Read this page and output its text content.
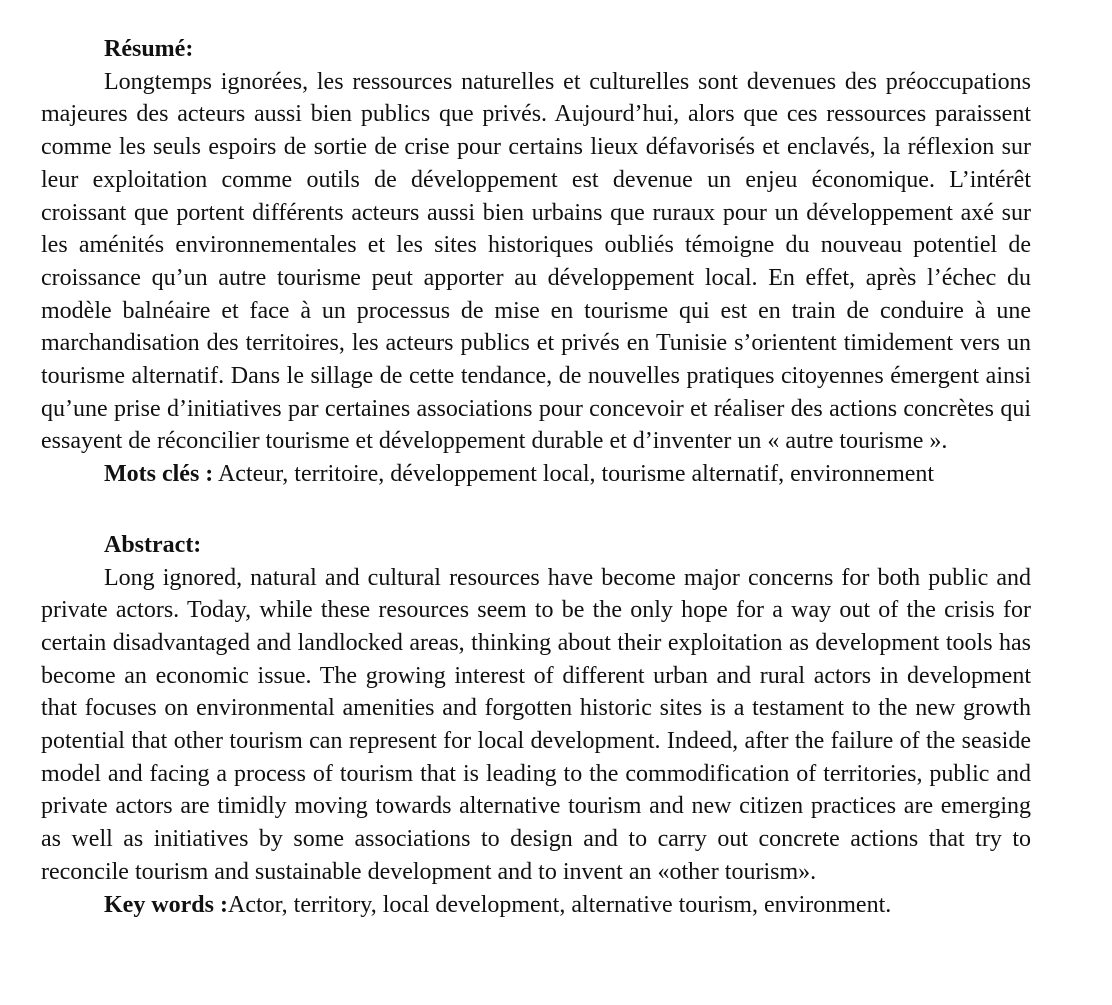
Résumé:

Longtemps ignorées, les ressources naturelles et culturelles sont devenues des préoccupations majeures des acteurs aussi bien publics que privés. Aujourd’hui, alors que ces ressources paraissent comme les seuls espoirs de sortie de crise pour certains lieux défavorisés et enclavés, la réflexion sur leur exploitation comme outils de développement est devenue un enjeu économique. L’intérêt croissant que portent différents acteurs aussi bien urbains que ruraux pour un développement axé sur les aménités environnementales et les sites historiques oubliés témoigne du nouveau potentiel de croissance qu’un autre tourisme peut apporter au développement local. En effet, après l’échec du modèle balnéaire et face à un processus de mise en tourisme qui est en train de conduire à une marchandisation des territoires, les acteurs publics et privés en Tunisie s’orientent timidement vers un tourisme alternatif. Dans le sillage de cette tendance, de nouvelles pratiques citoyennes émergent ainsi qu’une prise d’initiatives par certaines associations pour concevoir et réaliser des actions concrètes qui essayent de réconcilier tourisme et développement durable et d’inventer un « autre tourisme ».

Mots clés : Acteur, territoire, développement local, tourisme alternatif, environnement

Abstract:

Long ignored, natural and cultural resources have become major concerns for both public and private actors. Today, while these resources seem to be the only hope for a way out of the crisis for certain disadvantaged and landlocked areas, thinking about their exploitation as development tools has become an economic issue. The growing interest of different urban and rural actors in development that focuses on environmental amenities and forgotten historic sites is a testament to the new growth potential that other tourism can represent for local development. Indeed, after the failure of the seaside model and facing a process of tourism that is leading to the commodification of territories, public and private actors are timidly moving towards alternative tourism and new citizen practices are emerging as well as initiatives by some associations to design and to carry out concrete actions that try to reconcile tourism and sustainable development and to invent an «other tourism».

Key words :Actor, territory, local development, alternative tourism, environment.
